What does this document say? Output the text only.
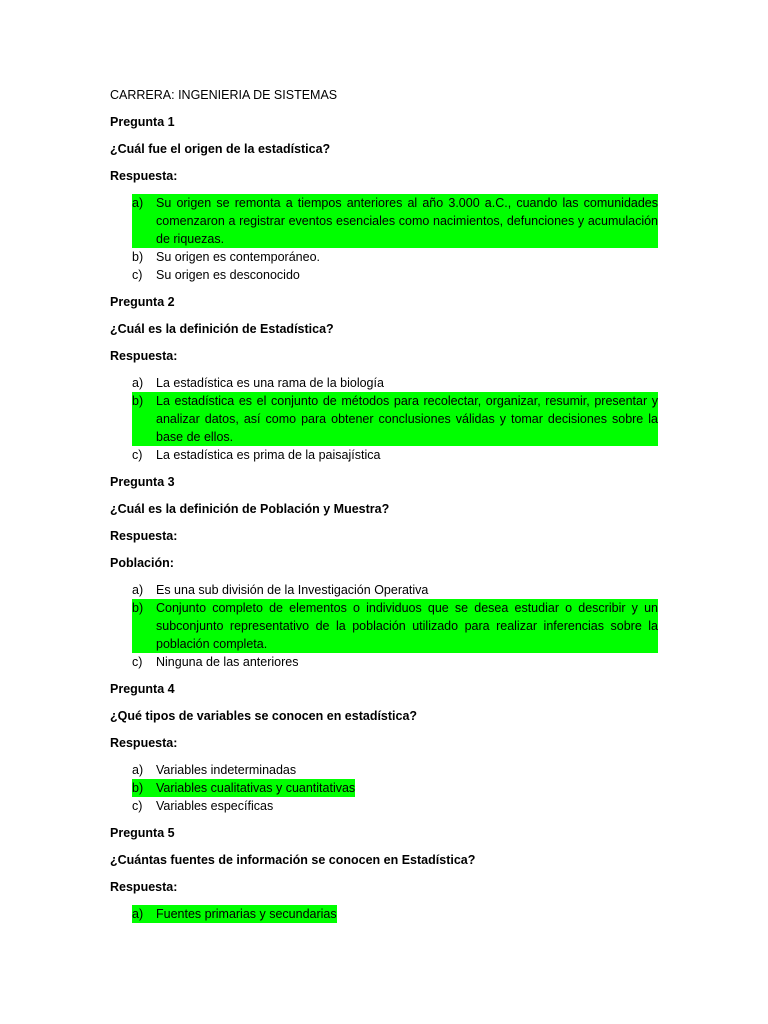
CARRERA: INGENIERIA DE SISTEMAS
Pregunta 1
¿Cuál fue el origen de la estadística?
Respuesta:
a)	Su origen se remonta a tiempos anteriores al año 3.000 a.C., cuando las comunidades comenzaron a registrar eventos esenciales como nacimientos, defunciones y acumulación de riquezas.
b)	Su origen es contemporáneo.
c)	Su origen es desconocido
Pregunta 2
¿Cuál es la definición de Estadística?
Respuesta:
a)	La estadística es una rama de la biología
b)	La estadística es el conjunto de métodos para recolectar, organizar, resumir, presentar y analizar datos, así como para obtener conclusiones válidas y tomar decisiones sobre la base de ellos.
c)	La estadística es prima de la paisajística
Pregunta 3
¿Cuál es la definición de Población y Muestra?
Respuesta:
Población:
a)	Es una sub división de la Investigación Operativa
b)	Conjunto completo de elementos o individuos que se desea estudiar o describir y un subconjunto representativo de la población utilizado para realizar inferencias sobre la población completa.
c)	Ninguna de las anteriores
Pregunta 4
¿Qué tipos de variables se conocen en estadística?
Respuesta:
a)	Variables indeterminadas
b)	Variables cualitativas y cuantitativas
c)	Variables específicas
Pregunta 5
¿Cuántas fuentes de información se conocen en Estadística?
Respuesta:
a)	Fuentes primarias y secundarias
